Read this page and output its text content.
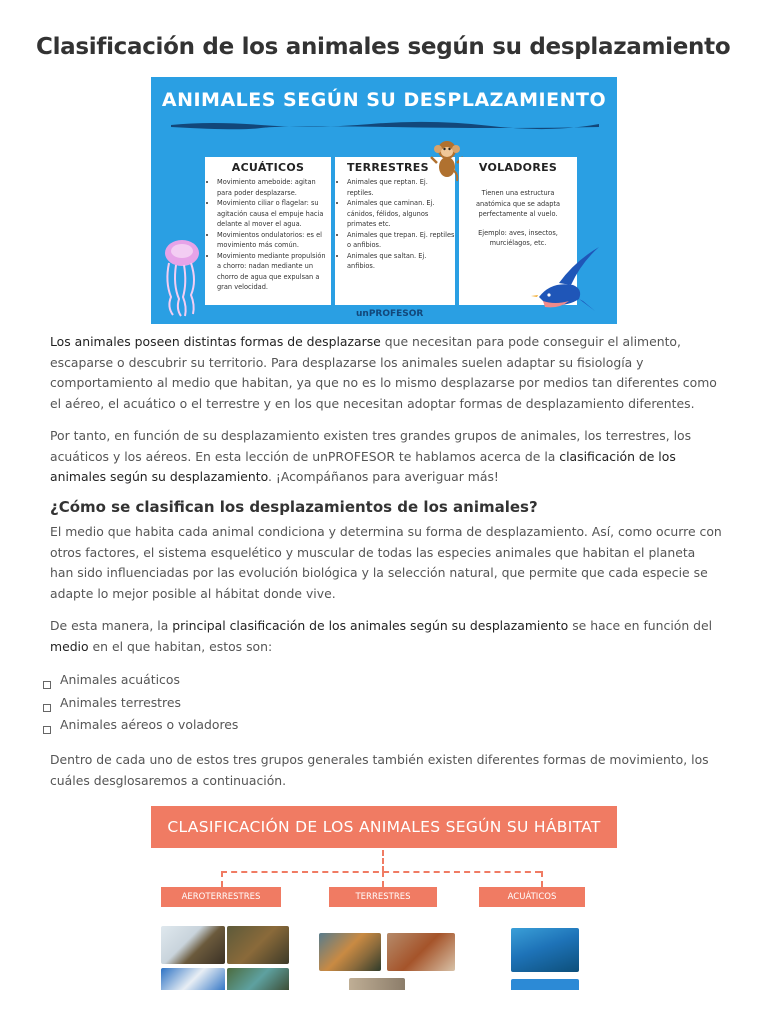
Clasificación de los animales según su desplazamiento
ANIMALES SEGÚN SU DESPLAZAMIENTO
ACUÁTICOS
• Movimiento ameboide: agitan para poder desplazarse.
• Movimiento ciliar o flagelar: su agitación causa el empuje hacia delante al mover el agua.
• Movimientos ondulatorios: es el movimiento más común.
• Movimiento mediante propulsión a chorro: nadan mediante un chorro de agua que expulsan a gran velocidad.
TERRESTRES
• Animales que reptan. Ej. reptiles.
• Animales que caminan. Ej. cánidos, félidos, algunos primates etc.
• Animales que trepan. Ej. reptiles o anfibios.
• Animales que saltan. Ej. anfibios.
VOLADORES
Tienen una estructura anatómica que se adapta perfectamente al vuelo.
Ejemplo: aves, insectos, murciélagos, etc.
unPROFESOR

Los animales poseen distintas formas de desplazarse que necesitan para pode conseguir el alimento, escaparse o descubrir su territorio. Para desplazarse los animales suelen adaptar su fisiología y comportamiento al medio que habitan, ya que no es lo mismo desplazarse por medios tan diferentes como el aéreo, el acuático o el terrestre y en los que necesitan adoptar formas de desplazamiento diferentes.

Por tanto, en función de su desplazamiento existen tres grandes grupos de animales, los terrestres, los acuáticos y los aéreos. En esta lección de unPROFESOR te hablamos acerca de la clasificación de los animales según su desplazamiento. ¡Acompáñanos para averiguar más!

¿Cómo se clasifican los desplazamientos de los animales?

El medio que habita cada animal condiciona y determina su forma de desplazamiento. Así, como ocurre con otros factores, el sistema esquelético y muscular de todas las especies animales que habitan el planeta han sido influenciadas por las evolución biológica y la selección natural, que permite que cada especie se adapte lo mejor posible al hábitat donde vive.

De esta manera, la principal clasificación de los animales según su desplazamiento se hace en función del medio en el que habitan, estos son:

Animales acuáticos
Animales terrestres
Animales aéreos o voladores

Dentro de cada uno de estos tres grupos generales también existen diferentes formas de movimiento, los cuáles desglosaremos a continuación.

CLASIFICACIÓN DE LOS ANIMALES SEGÚN SU HÁBITAT
AEROTERRESTRES	TERRESTRES	ACUÁTICOS
